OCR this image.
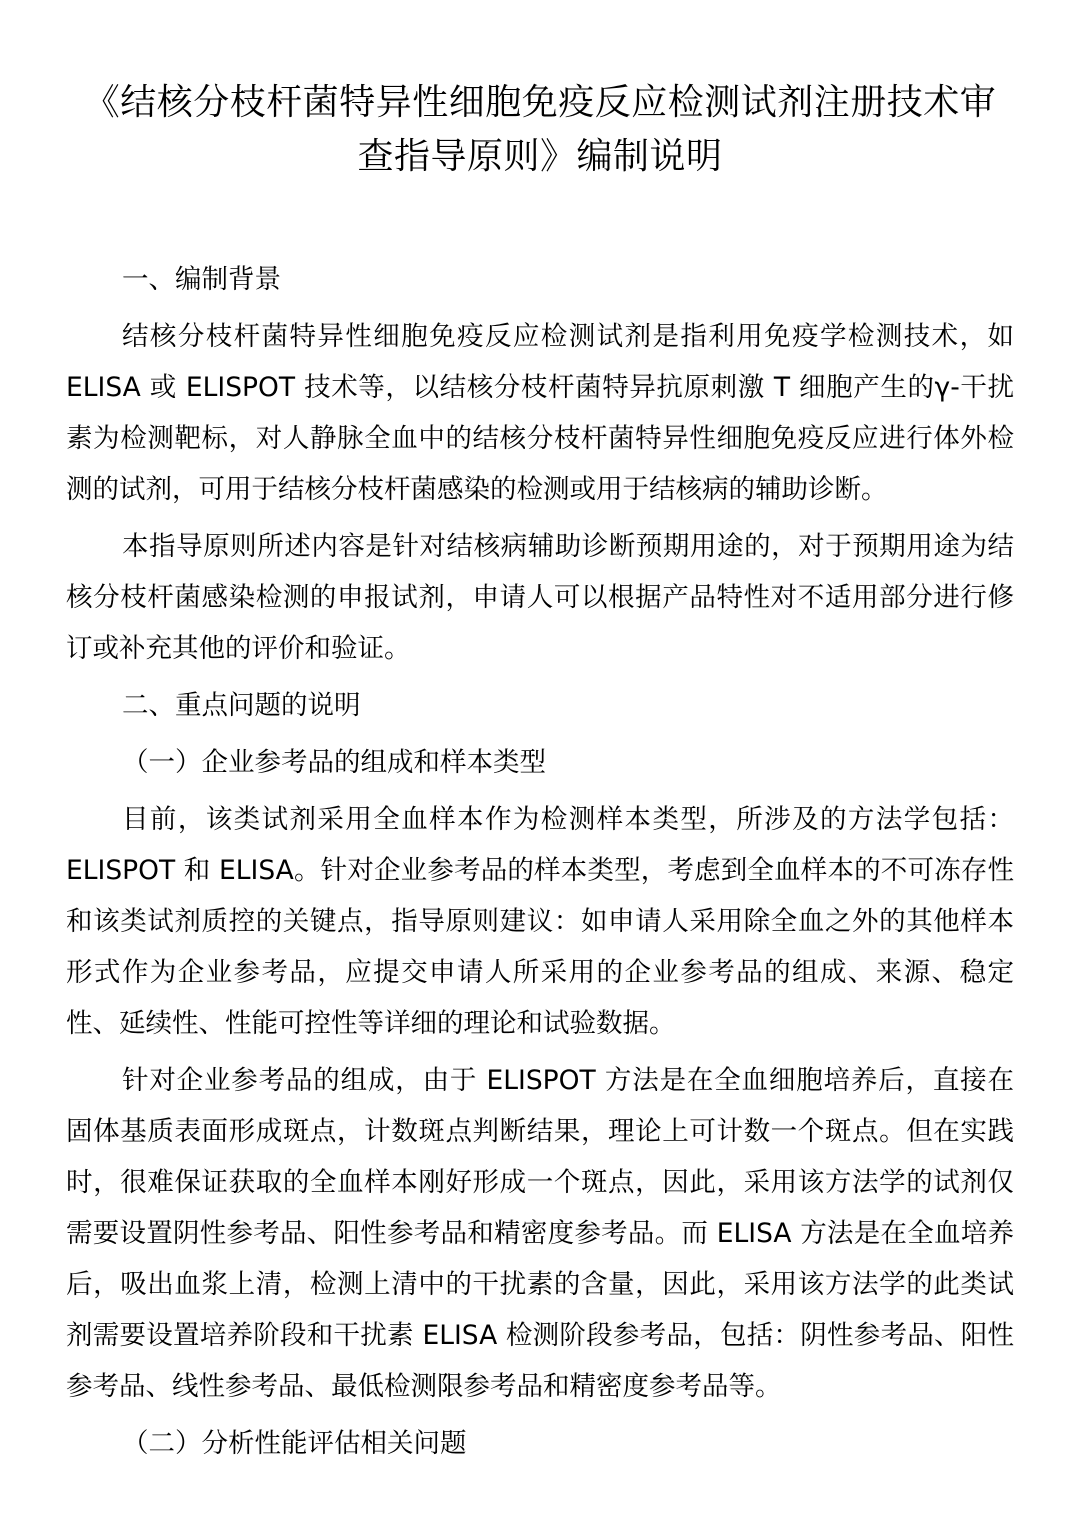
《结核分枝杆菌特异性细胞免疫反应检测试剂注册技术审查指导原则》编制说明

一、编制背景

结核分枝杆菌特异性细胞免疫反应检测试剂是指利用免疫学检测技术，如 ELISA 或 ELISPOT 技术等，以结核分枝杆菌特异抗原刺激 T 细胞产生的γ-干扰素为检测靶标，对人静脉全血中的结核分枝杆菌特异性细胞免疫反应进行体外检测的试剂，可用于结核分枝杆菌感染的检测或用于结核病的辅助诊断。

本指导原则所述内容是针对结核病辅助诊断预期用途的，对于预期用途为结核分枝杆菌感染检测的申报试剂，申请人可以根据产品特性对不适用部分进行修订或补充其他的评价和验证。

二、重点问题的说明

（一）企业参考品的组成和样本类型

目前，该类试剂采用全血样本作为检测样本类型，所涉及的方法学包括：ELISPOT 和 ELISA。针对企业参考品的样本类型，考虑到全血样本的不可冻存性和该类试剂质控的关键点，指导原则建议：如申请人采用除全血之外的其他样本形式作为企业参考品，应提交申请人所采用的企业参考品的组成、来源、稳定性、延续性、性能可控性等详细的理论和试验数据。

针对企业参考品的组成，由于 ELISPOT 方法是在全血细胞培养后，直接在固体基质表面形成斑点，计数斑点判断结果，理论上可计数一个斑点。但在实践时，很难保证获取的全血样本刚好形成一个斑点，因此，采用该方法学的试剂仅需要设置阴性参考品、阳性参考品和精密度参考品。而 ELISA 方法是在全血培养后，吸出血浆上清，检测上清中的干扰素的含量，因此，采用该方法学的此类试剂需要设置培养阶段和干扰素 ELISA 检测阶段参考品，包括：阴性参考品、阳性参考品、线性参考品、最低检测限参考品和精密度参考品等。

（二）分析性能评估相关问题
